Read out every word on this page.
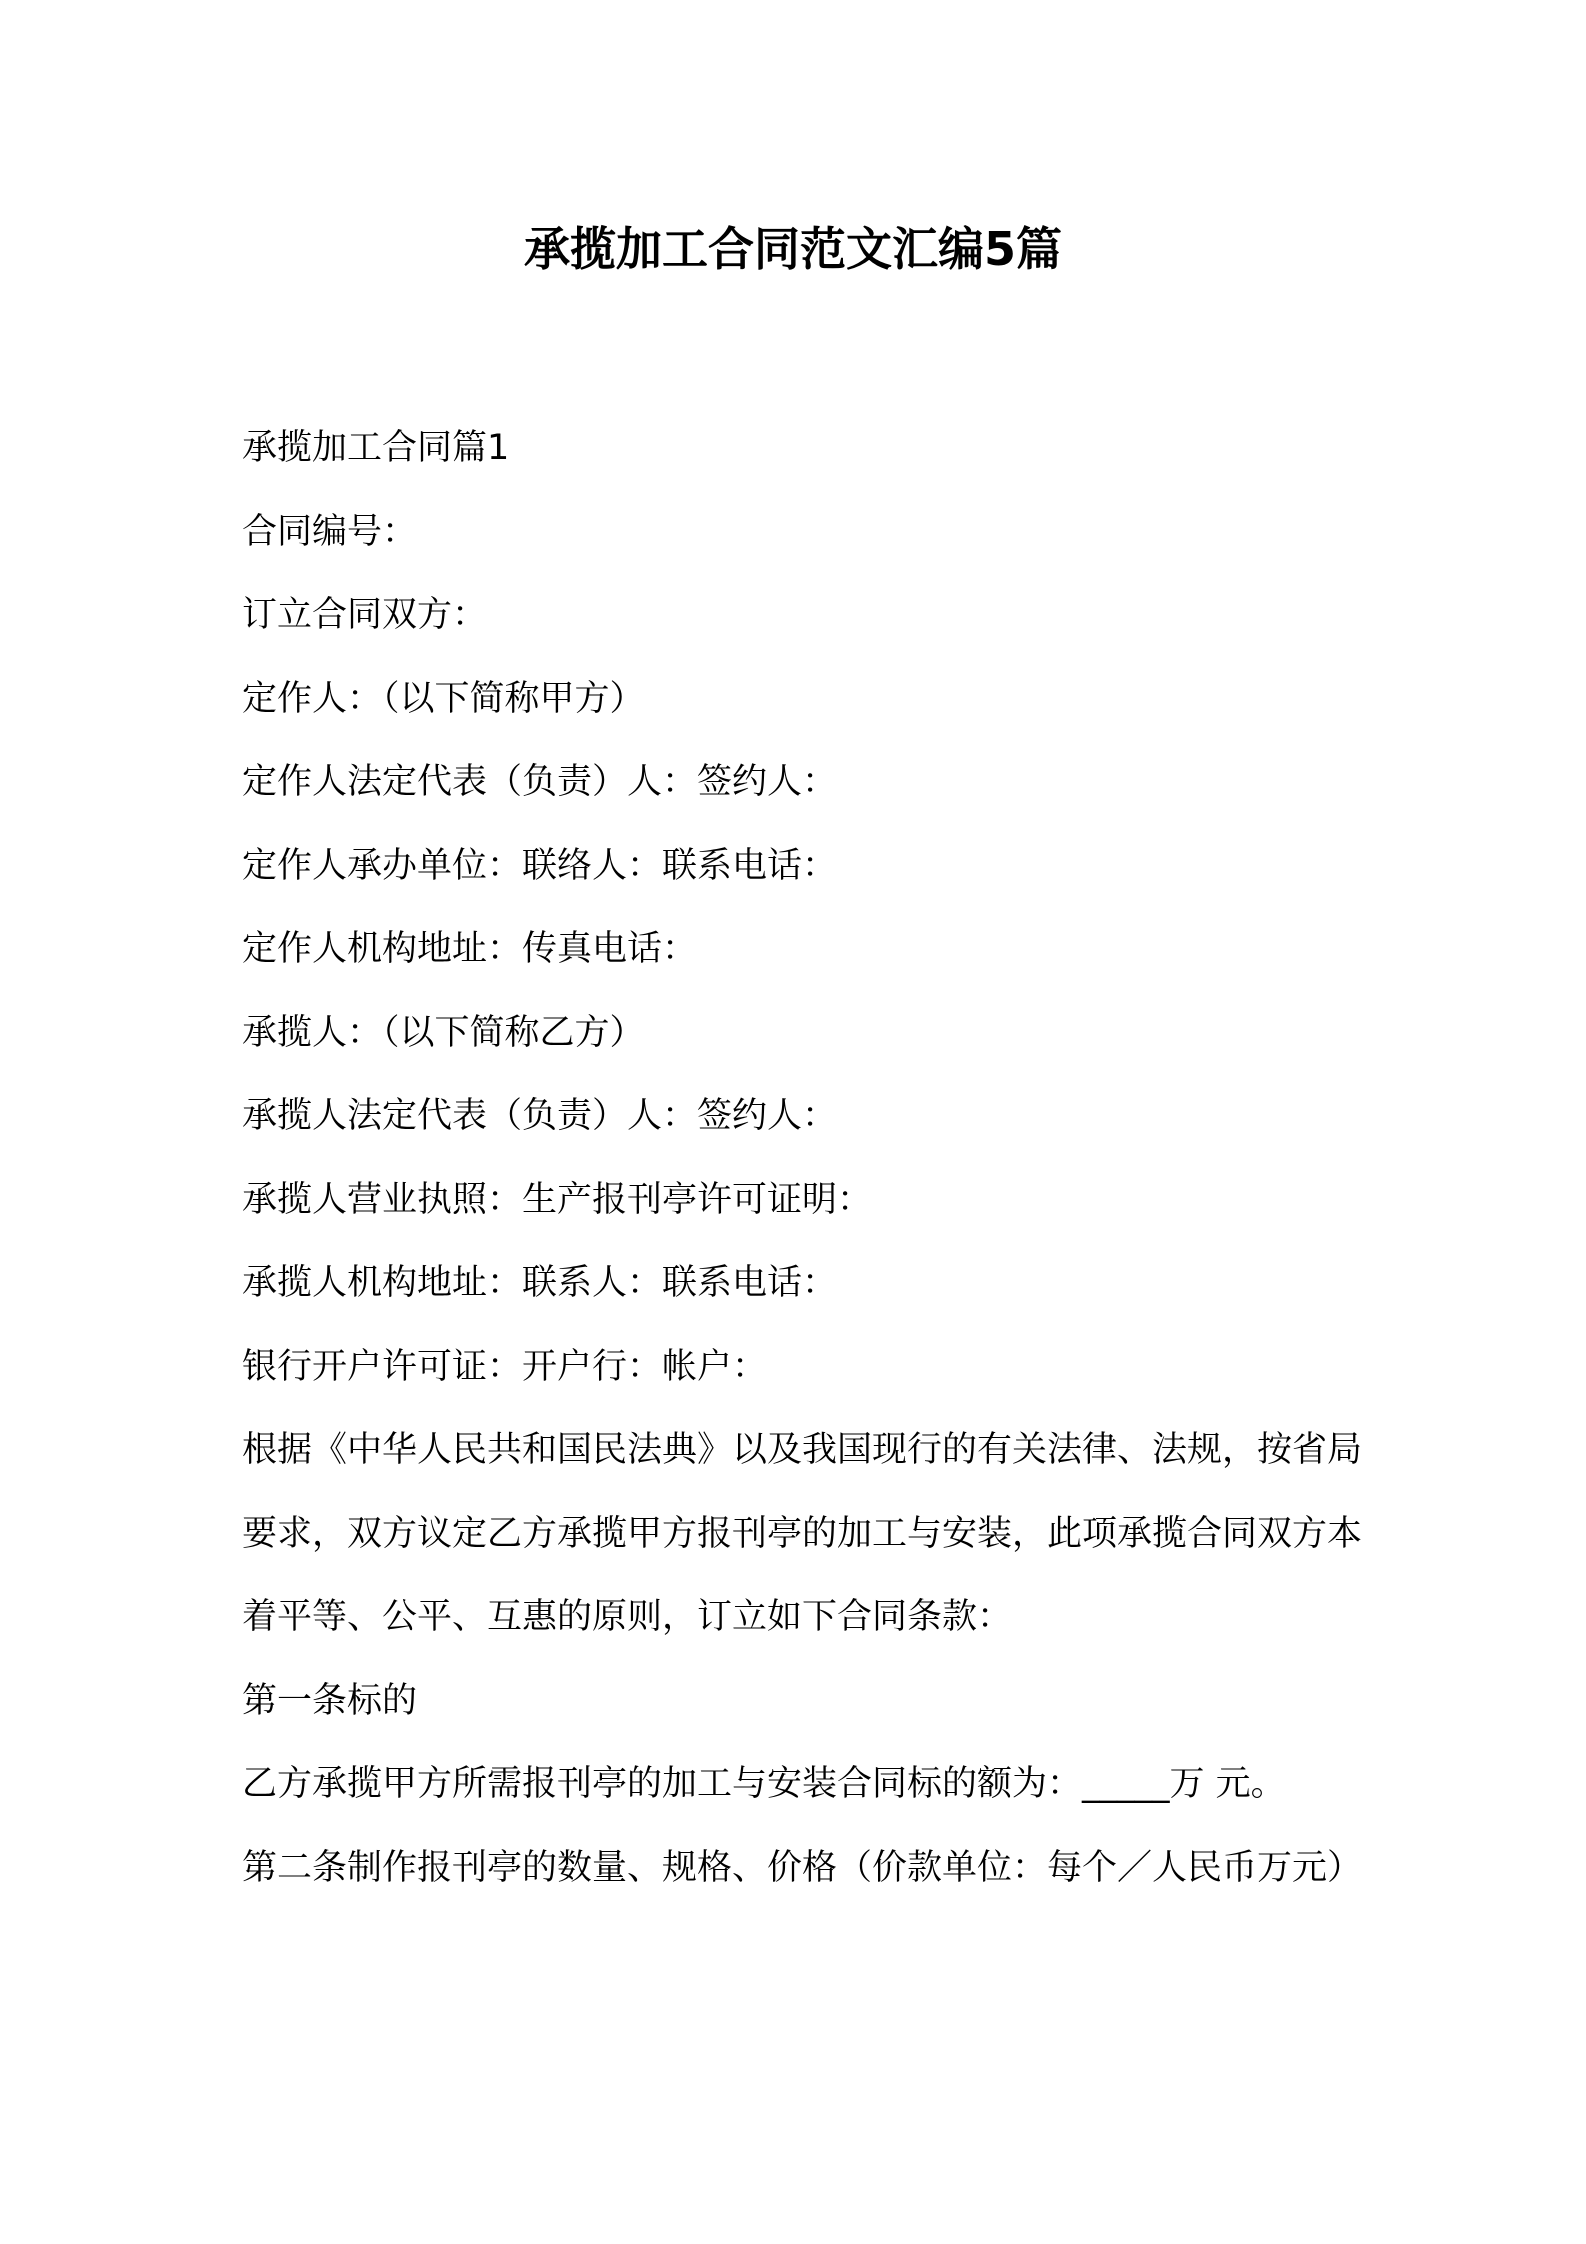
承揽加工合同范文汇编5篇

承揽加工合同篇1

合同编号：

订立合同双方：

定作人：（以下简称甲方）

定作人法定代表（负责）人：签约人：

定作人承办单位：联络人：联系电话：

定作人机构地址：传真电话：

承揽人：（以下简称乙方）

承揽人法定代表（负责）人：签约人：

承揽人营业执照：生产报刊亭许可证明：

承揽人机构地址：联系人：联系电话：

银行开户许可证：开户行：帐户：

根据《中华人民共和国民法典》以及我国现行的有关法律、法规，按省局要求，双方议定乙方承揽甲方报刊亭的加工与安装，此项承揽合同双方本着平等、公平、互惠的原则，订立如下合同条款：

第一条标的

乙方承揽甲方所需报刊亭的加工与安装合同标的额为：_____万 元。

第二条制作报刊亭的数量、规格、价格（价款单位：每个／人民币万元）
